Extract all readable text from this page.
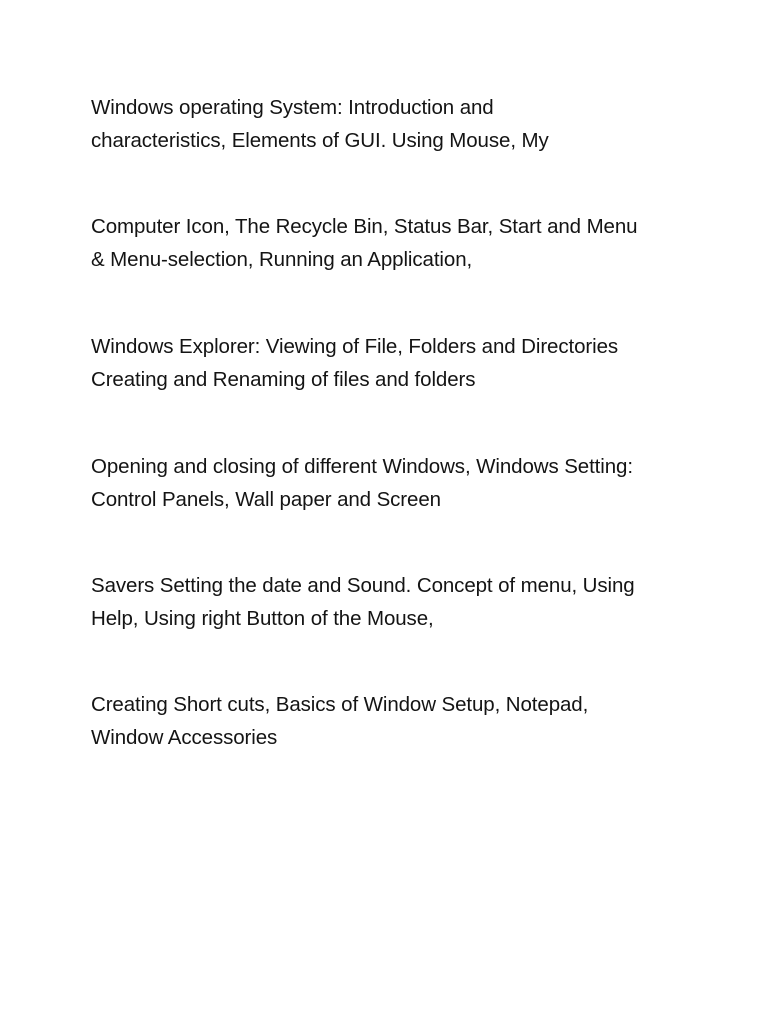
Windows operating System: Introduction and
characteristics, Elements of GUI. Using Mouse, My

Computer Icon, The Recycle Bin, Status Bar, Start and Menu
& Menu-selection, Running an Application,

Windows Explorer: Viewing of File, Folders and Directories
Creating and Renaming of files and folders

Opening and closing of different Windows, Windows Setting:
Control Panels, Wall paper and Screen

Savers Setting the date and Sound. Concept of menu, Using
Help, Using right Button of the Mouse,

Creating Short cuts, Basics of Window Setup, Notepad,
Window Accessories
